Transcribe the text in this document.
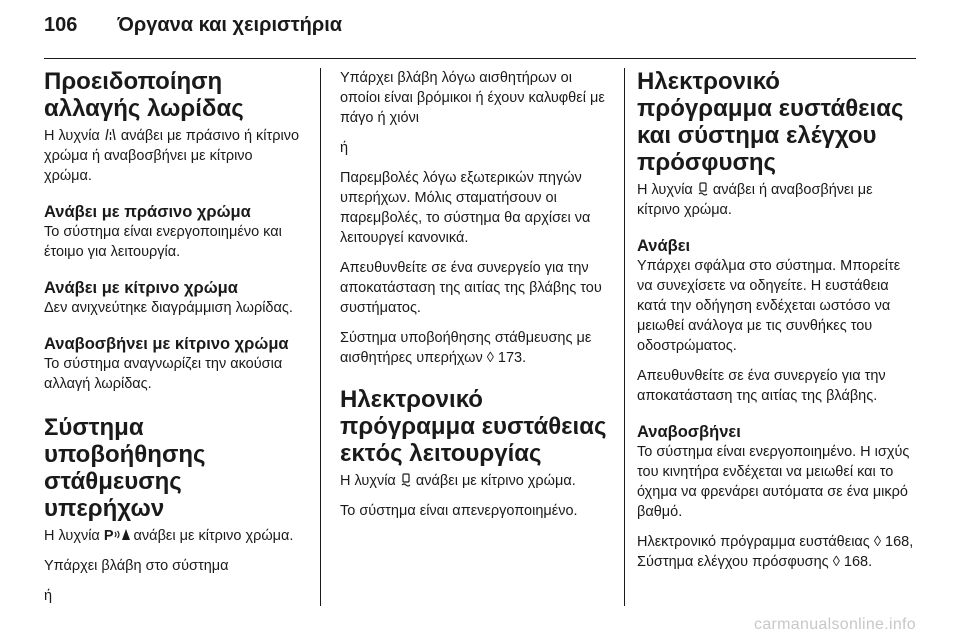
106 Όργανα και χειριστήρια
Προειδοποίηση αλλαγής λωρίδας

Η λυχνία ανάβει με πράσινο ή κίτρινο χρώμα ή αναβοσβήνει με κίτρινο χρώμα.

Ανάβει με πράσινο χρώμα

Το σύστημα είναι ενεργοποιημένο και έτοιμο για λειτουργία.

Ανάβει με κίτρινο χρώμα

Δεν ανιχνεύτηκε διαγράμμιση λωρίδας.

Αναβοσβήνει με κίτρινο χρώμα

Το σύστημα αναγνωρίζει την ακούσια αλλαγή λωρίδας.

Σύστημα υποβοήθησης στάθμευσης υπερήχων

Η λυχνία P ανάβει με κίτρινο χρώμα.

Υπάρχει βλάβη στο σύστημα

ή

Υπάρχει βλάβη λόγω αισθητήρων οι οποίοι είναι βρόμικοι ή έχουν καλυφθεί με πάγο ή χιόνι

ή

Παρεμβολές λόγω εξωτερικών πηγών υπερήχων. Μόλις σταματήσουν οι παρεμβολές, το σύστημα θα αρχίσει να λειτουργεί κανονικά.

Απευθυνθείτε σε ένα συνεργείο για την αποκατάσταση της αιτίας της βλάβης του συστήματος.

Σύστημα υποβοήθησης στάθμευσης με αισθητήρες υπερήχων ◊ 173.

Ηλεκτρονικό πρόγραμμα ευστάθειας εκτός λειτουργίας

Η λυχνία ανάβει με κίτρινο χρώμα.

Το σύστημα είναι απενεργοποιημένο.

Ηλεκτρονικό πρόγραμμα ευστάθειας και σύστημα ελέγχου πρόσφυσης

Η λυχνία ανάβει ή αναβοσβήνει με κίτρινο χρώμα.

Ανάβει

Υπάρχει σφάλμα στο σύστημα. Μπορείτε να συνεχίσετε να οδηγείτε. Η ευστάθεια κατά την οδήγηση ενδέχεται ωστόσο να μειωθεί ανάλογα με τις συνθήκες του οδοστρώματος.

Απευθυνθείτε σε ένα συνεργείο για την αποκατάσταση της αιτίας της βλάβης.

Αναβοσβήνει

Το σύστημα είναι ενεργοποιημένο. Η ισχύς του κινητήρα ενδέχεται να μειωθεί και το όχημα να φρενάρει αυτόματα σε ένα μικρό βαθμό.

Ηλεκτρονικό πρόγραμμα ευστάθειας ◊ 168, Σύστημα ελέγχου πρόσφυσης ◊ 168.

carmanualsonline.info
